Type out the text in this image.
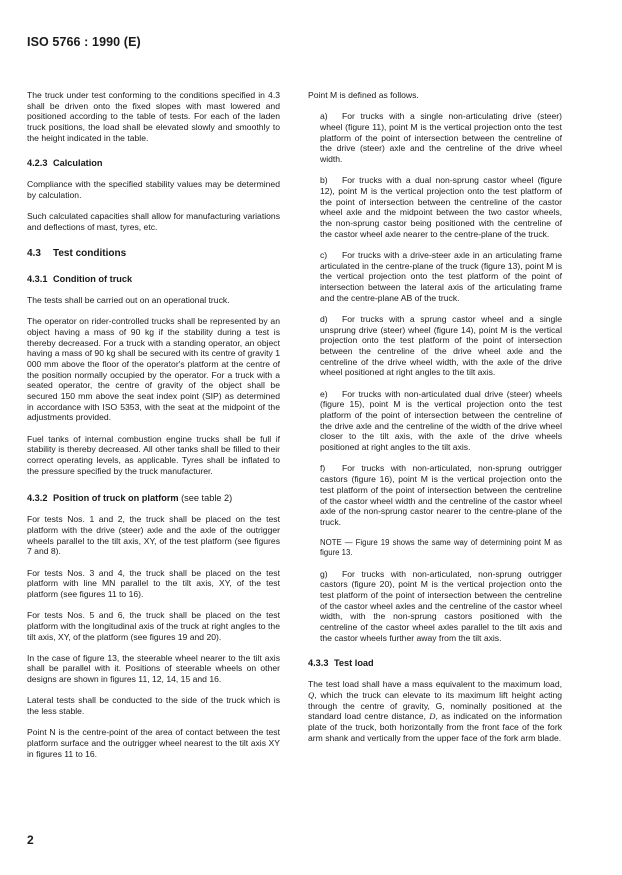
ISO 5766 : 1990 (E)

The truck under test conforming to the conditions specified in 4.3 shall be driven onto the fixed slopes with mast lowered and positioned according to the table of tests. For each of the laden truck positions, the load shall be elevated slowly and smoothly to the height indicated in the table.

4.2.3 Calculation

Compliance with the specified stability values may be determined by calculation.

Such calculated capacities shall allow for manufacturing variations and deflections of mast, tyres, etc.

4.3 Test conditions
4.3.1 Condition of truck

The tests shall be carried out on an operational truck.

The operator on rider-controlled trucks shall be represented by an object having a mass of 90 kg if the stability during a test is thereby decreased. For a truck with a standing operator, an object having a mass of 90 kg shall be secured with its centre of gravity 1 000 mm above the floor of the operator's platform at the centre of the position normally occupied by the operator. For a truck with a seated operator, the centre of gravity of the object shall be secured 150 mm above the seat index point (SIP) as determined in accordance with ISO 5353, with the seat at the midpoint of the adjustments provided.

Fuel tanks of internal combustion engine trucks shall be full if stability is thereby decreased. All other tanks shall be filled to their correct operating levels, as applicable. Tyres shall be inflated to the pressure specified by the truck manufacturer.

4.3.2 Position of truck on platform (see table 2)

For tests Nos. 1 and 2, the truck shall be placed on the test platform with the drive (steer) axle and the axle of the outrigger wheels parallel to the tilt axis, XY, of the test platform (see figures 7 and 8).

For tests Nos. 3 and 4, the truck shall be placed on the test platform with line MN parallel to the tilt axis, XY, of the test platform (see figures 11 to 16).

For tests Nos. 5 and 6, the truck shall be placed on the test platform with the longitudinal axis of the truck at right angles to the tilt axis, XY, of the platform (see figures 19 and 20).

In the case of figure 13, the steerable wheel nearer to the tilt axis shall be parallel with it. Positions of steerable wheels on other designs are shown in figures 11, 12, 14, 15 and 16.

Lateral tests shall be conducted to the side of the truck which is the less stable.

Point N is the centre-point of the area of contact between the test platform surface and the outrigger wheel nearest to the tilt axis XY in figures 11 to 16.

Point M is defined as follows.

a) For trucks with a single non-articulating drive (steer) wheel (figure 11), point M is the vertical projection onto the test platform of the point of intersection between the centreline of the drive (steer) axle and the centreline of the drive wheel width.

b) For trucks with a dual non-sprung castor wheel (figure 12), point M is the vertical projection onto the test platform of the point of intersection between the centreline of the castor wheel axle and the midpoint between the two castor wheels, the non-sprung castor being positioned with the centreline of the castor wheel axle nearer to the centre-plane of the truck.

c) For trucks with a drive-steer axle in an articulating frame articulated in the centre-plane of the truck (figure 13), point M is the vertical projection onto the test platform of the point of intersection between the lateral axis of the articulating frame and the centre-plane AB of the truck.

d) For trucks with a sprung castor wheel and a single unsprung drive (steer) wheel (figure 14), point M is the vertical projection onto the test platform of the point of intersection between the centreline of the drive wheel axle and the centreline of the drive wheel width, with the axle of the drive wheel positioned at right angles to the tilt axis.

e) For trucks with non-articulated dual drive (steer) wheels (figure 15), point M is the vertical projection onto the test platform of the point of intersection between the centreline of the drive axle and the centreline of the width of the drive wheel closer to the tilt axis, with the axle of the drive wheels positioned at right angles to the tilt axis.

f) For trucks with non-articulated, non-sprung outrigger castors (figure 16), point M is the vertical projection onto the test platform of the point of intersection between the centreline of the castor wheel width and the centreline of the castor wheel axle of the non-sprung castor nearer to the centre-plane of the truck.

NOTE — Figure 19 shows the same way of determining point M as figure 13.

g) For trucks with non-articulated, non-sprung outrigger castors (figure 20), point M is the vertical projection onto the test platform of the point of intersection between the centreline of the castor wheel axles and the centreline of the castor wheel width, with the non-sprung castors positioned with the centreline of the castor wheel axles parallel to the tilt axis and the castor wheels further away from the tilt axis.

4.3.3 Test load

The test load shall have a mass equivalent to the maximum load, Q, which the truck can elevate to its maximum lift height acting through the centre of gravity, G, nominally positioned at the standard load centre distance, D, as indicated on the information plate of the truck, both horizontally from the front face of the fork arm shank and vertically from the upper face of the fork arm blade.

2
